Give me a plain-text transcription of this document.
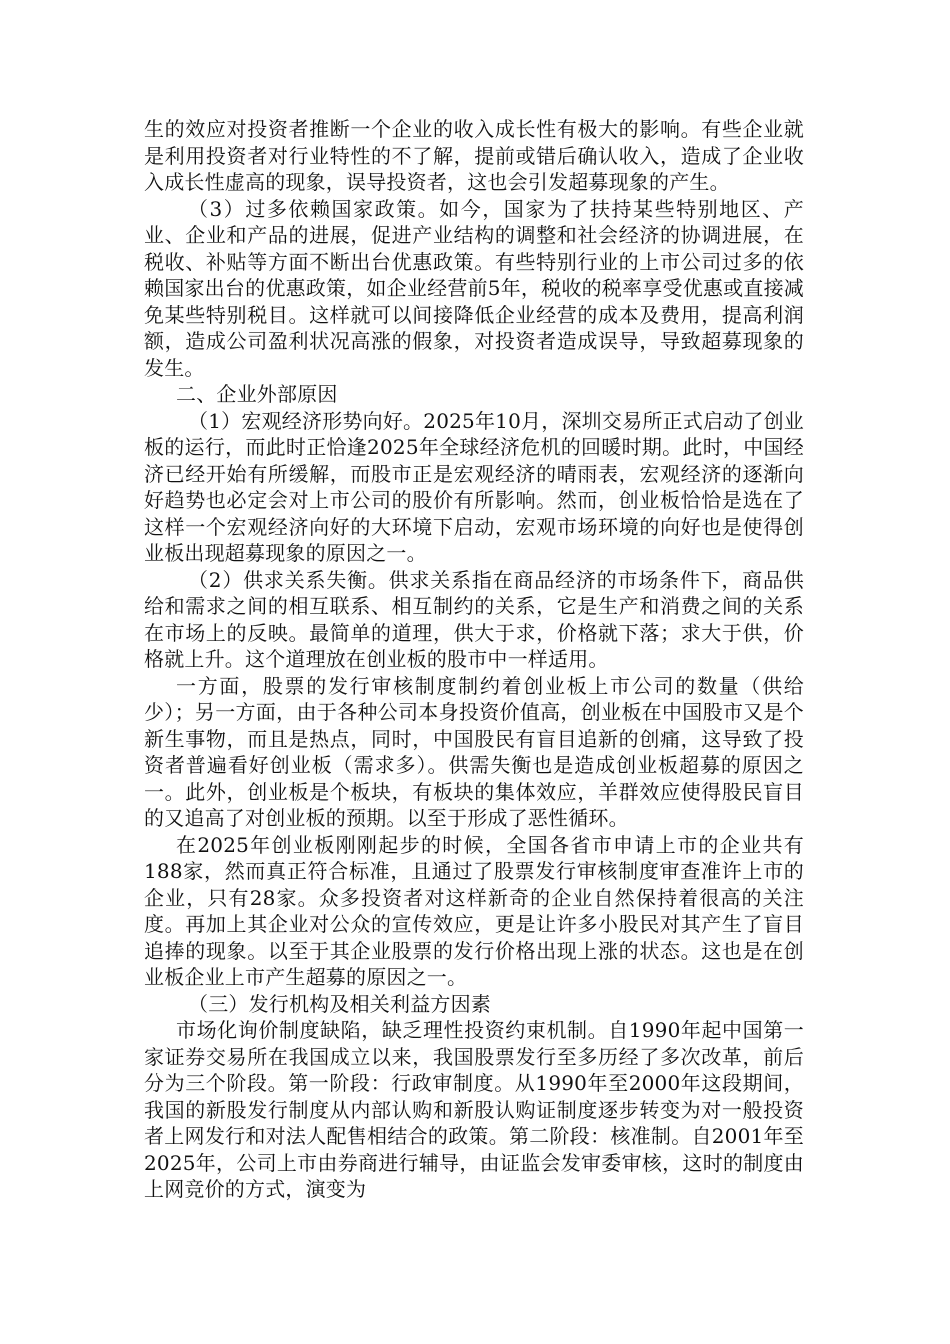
生的效应对投资者推断一个企业的收入成长性有极大的影响。有些企业就是利用投资者对行业特性的不了解，提前或错后确认收入，造成了企业收入成长性虚高的现象，误导投资者，这也会引发超募现象的产生。

（3）过多依赖国家政策。如今，国家为了扶持某些特别地区、产业、企业和产品的进展，促进产业结构的调整和社会经济的协调进展，在税收、补贴等方面不断出台优惠政策。有些特别行业的上市公司过多的依赖国家出台的优惠政策，如企业经营前5年，税收的税率享受优惠或直接减免某些特别税目。这样就可以间接降低企业经营的成本及费用，提高利润额，造成公司盈利状况高涨的假象，对投资者造成误导，导致超募现象的发生。

二、企业外部原因

（1）宏观经济形势向好。2025年10月，深圳交易所正式启动了创业板的运行，而此时正恰逢2025年全球经济危机的回暖时期。此时，中国经济已经开始有所缓解，而股市正是宏观经济的晴雨表，宏观经济的逐渐向好趋势也必定会对上市公司的股价有所影响。然而，创业板恰恰是选在了这样一个宏观经济向好的大环境下启动，宏观市场环境的向好也是使得创业板出现超募现象的原因之一。

（2）供求关系失衡。供求关系指在商品经济的市场条件下，商品供给和需求之间的相互联系、相互制约的关系，它是生产和消费之间的关系在市场上的反映。最简单的道理，供大于求，价格就下落；求大于供，价格就上升。这个道理放在创业板的股市中一样适用。

一方面，股票的发行审核制度制约着创业板上市公司的数量（供给少）；另一方面，由于各种公司本身投资价值高，创业板在中国股市又是个新生事物，而且是热点，同时，中国股民有盲目追新的创痛，这导致了投资者普遍看好创业板（需求多）。供需失衡也是造成创业板超募的原因之一。此外，创业板是个板块，有板块的集体效应，羊群效应使得股民盲目的又追高了对创业板的预期。以至于形成了恶性循环。

在2025年创业板刚刚起步的时候，全国各省市申请上市的企业共有188家，然而真正符合标准，且通过了股票发行审核制度审查准许上市的企业，只有28家。众多投资者对这样新奇的企业自然保持着很高的关注度。再加上其企业对公众的宣传效应，更是让许多小股民对其产生了盲目追捧的现象。以至于其企业股票的发行价格出现上涨的状态。这也是在创业板企业上市产生超募的原因之一。

（三）发行机构及相关利益方因素

市场化询价制度缺陷，缺乏理性投资约束机制。自1990年起中国第一家证券交易所在我国成立以来，我国股票发行至多历经了多次改革，前后分为三个阶段。第一阶段：行政审制度。从1990年至2000年这段期间，我国的新股发行制度从内部认购和新股认购证制度逐步转变为对一般投资者上网发行和对法人配售相结合的政策。第二阶段：核准制。自2001年至2025年，公司上市由券商进行辅导，由证监会发审委审核，这时的制度由上网竞价的方式，演变为
